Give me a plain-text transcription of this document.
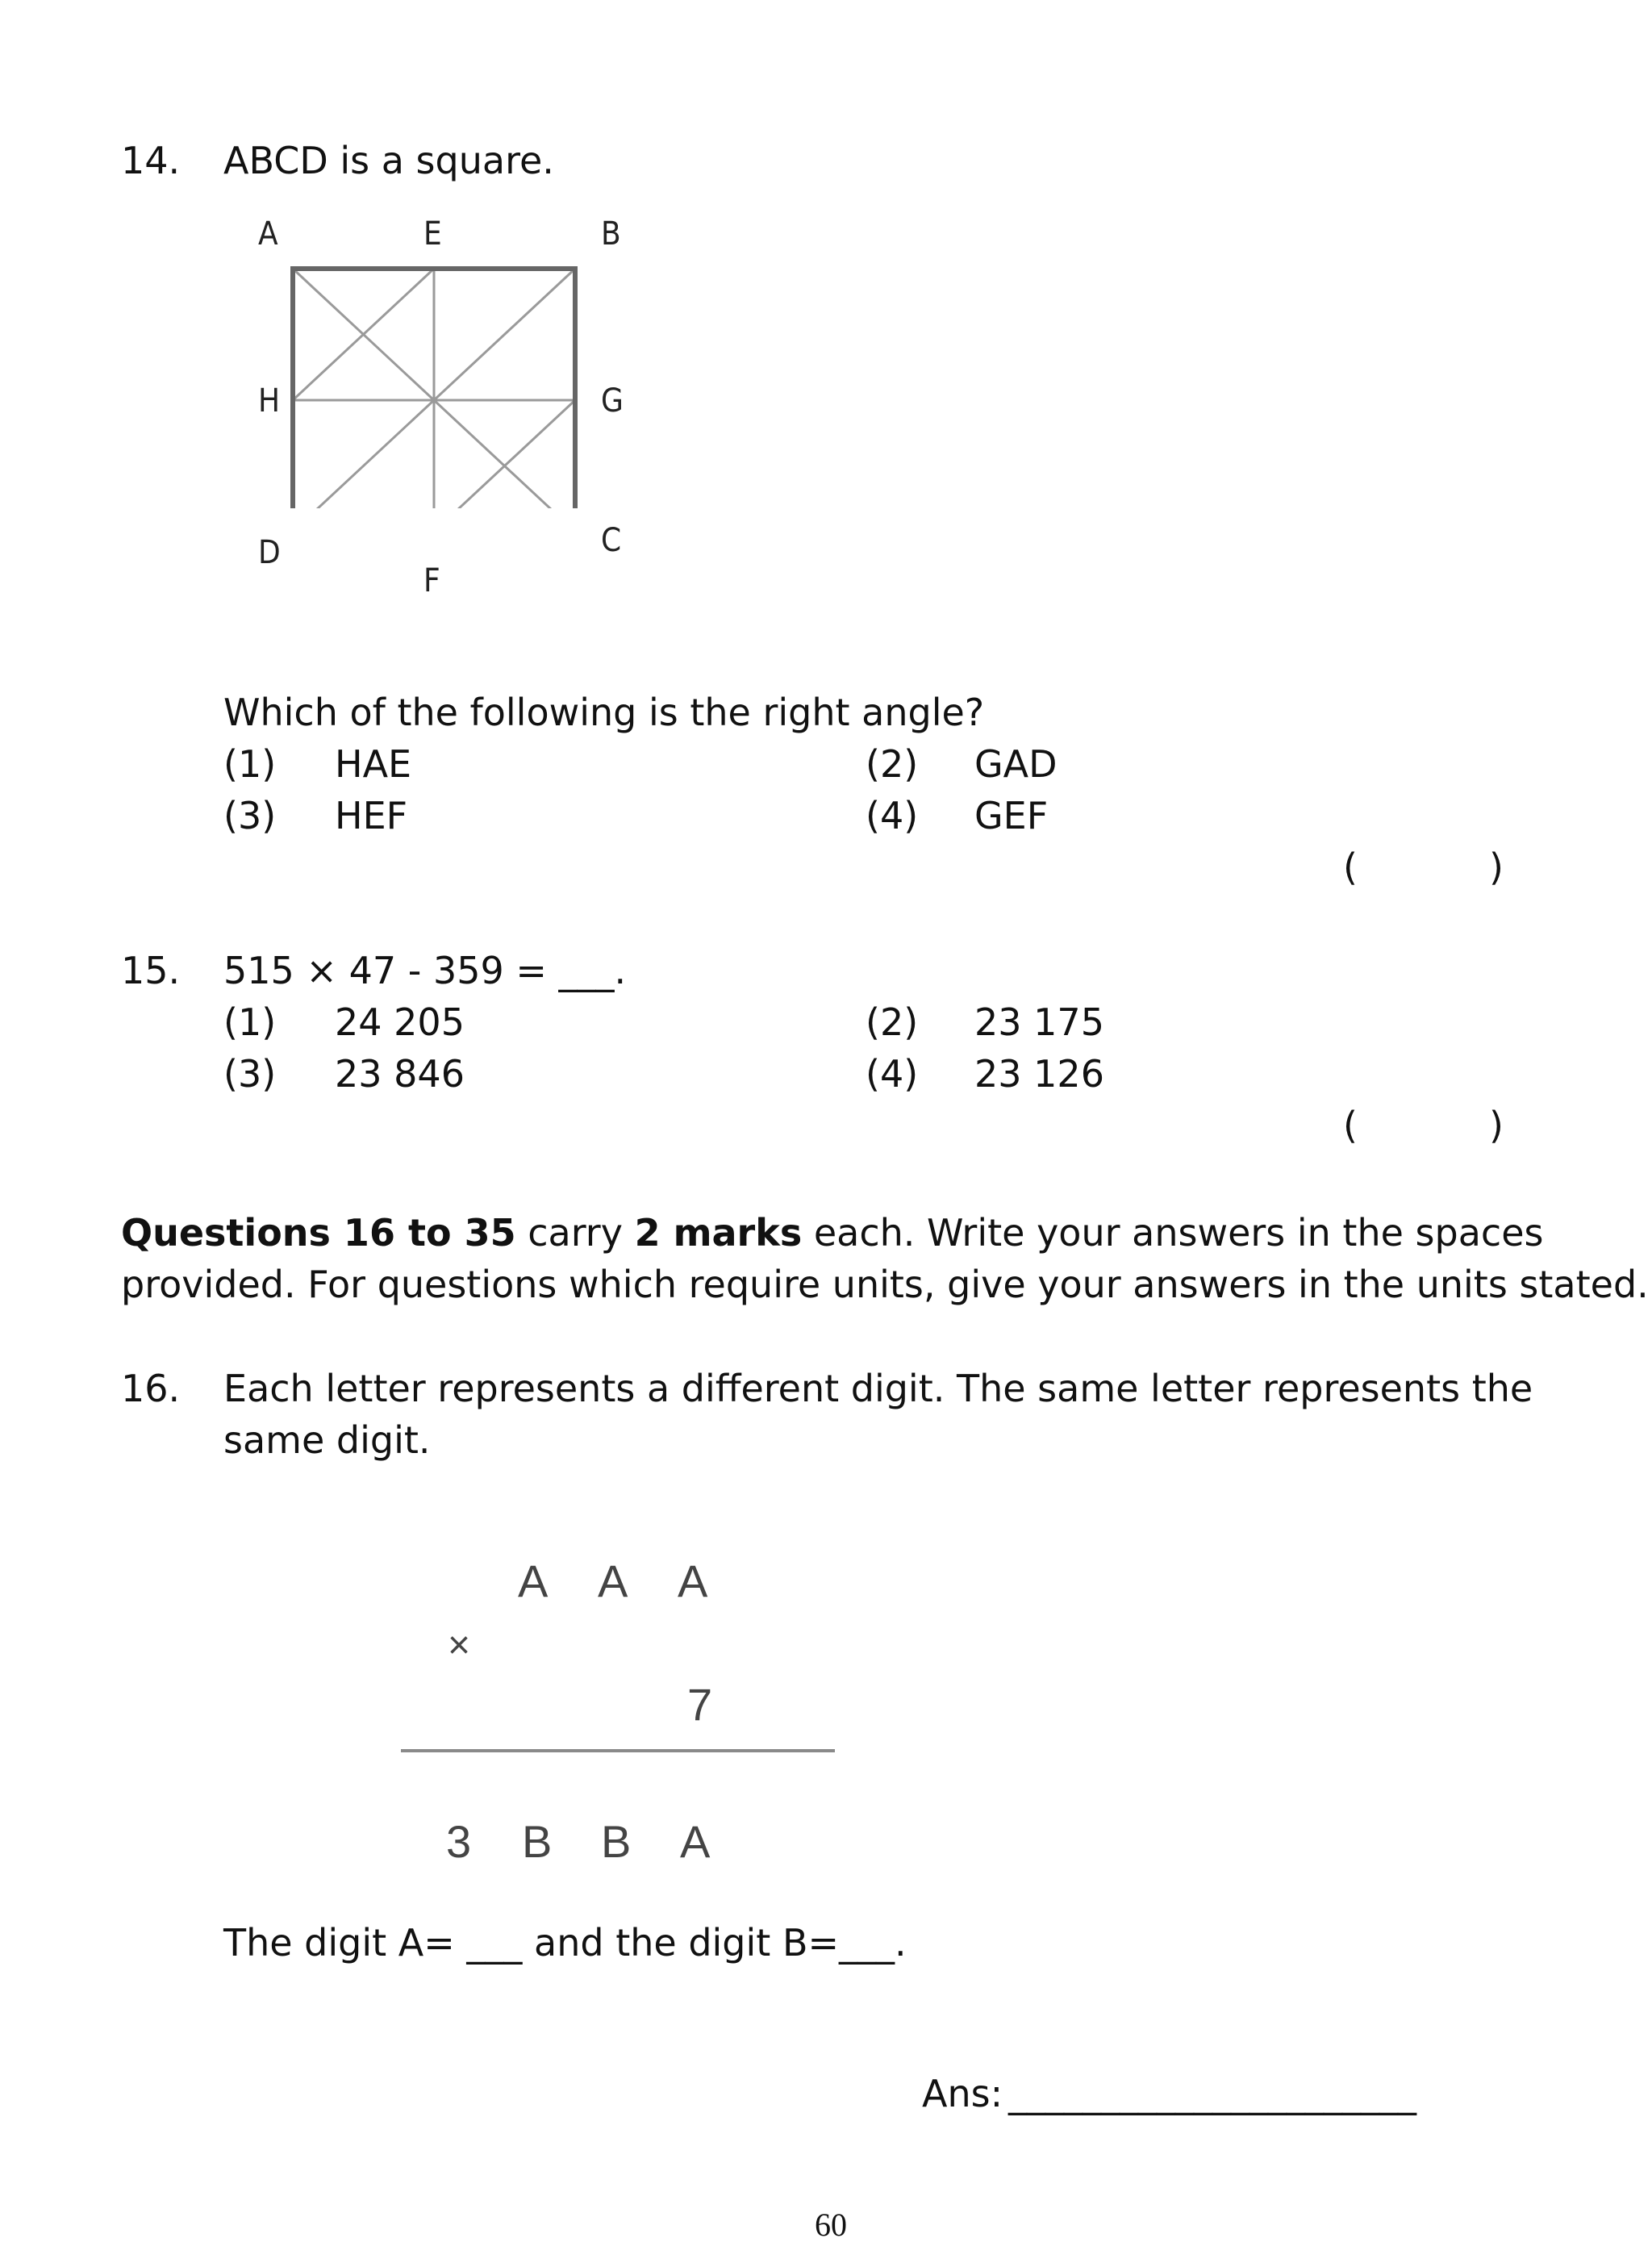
14. ABCD is a square.
A	E	B
H	G
D	C
F
Which of the following is the right angle?
(1) HAE	(2) GAD
(3) HEF	(4) GEF
(	)
15. 515 × 47 - 359 = ___.
(1) 24 205	(2) 23 175
(3) 23 846	(4) 23 126
(	)
Questions 16 to 35 carry 2 marks each. Write your answers in the spaces
provided. For questions which require units, give your answers in the units stated.
16. Each letter represents a different digit. The same letter represents the
same digit.
A A A
×
7
3 B B A
The digit A= ___ and the digit B=___.
Ans: ______________________
60
